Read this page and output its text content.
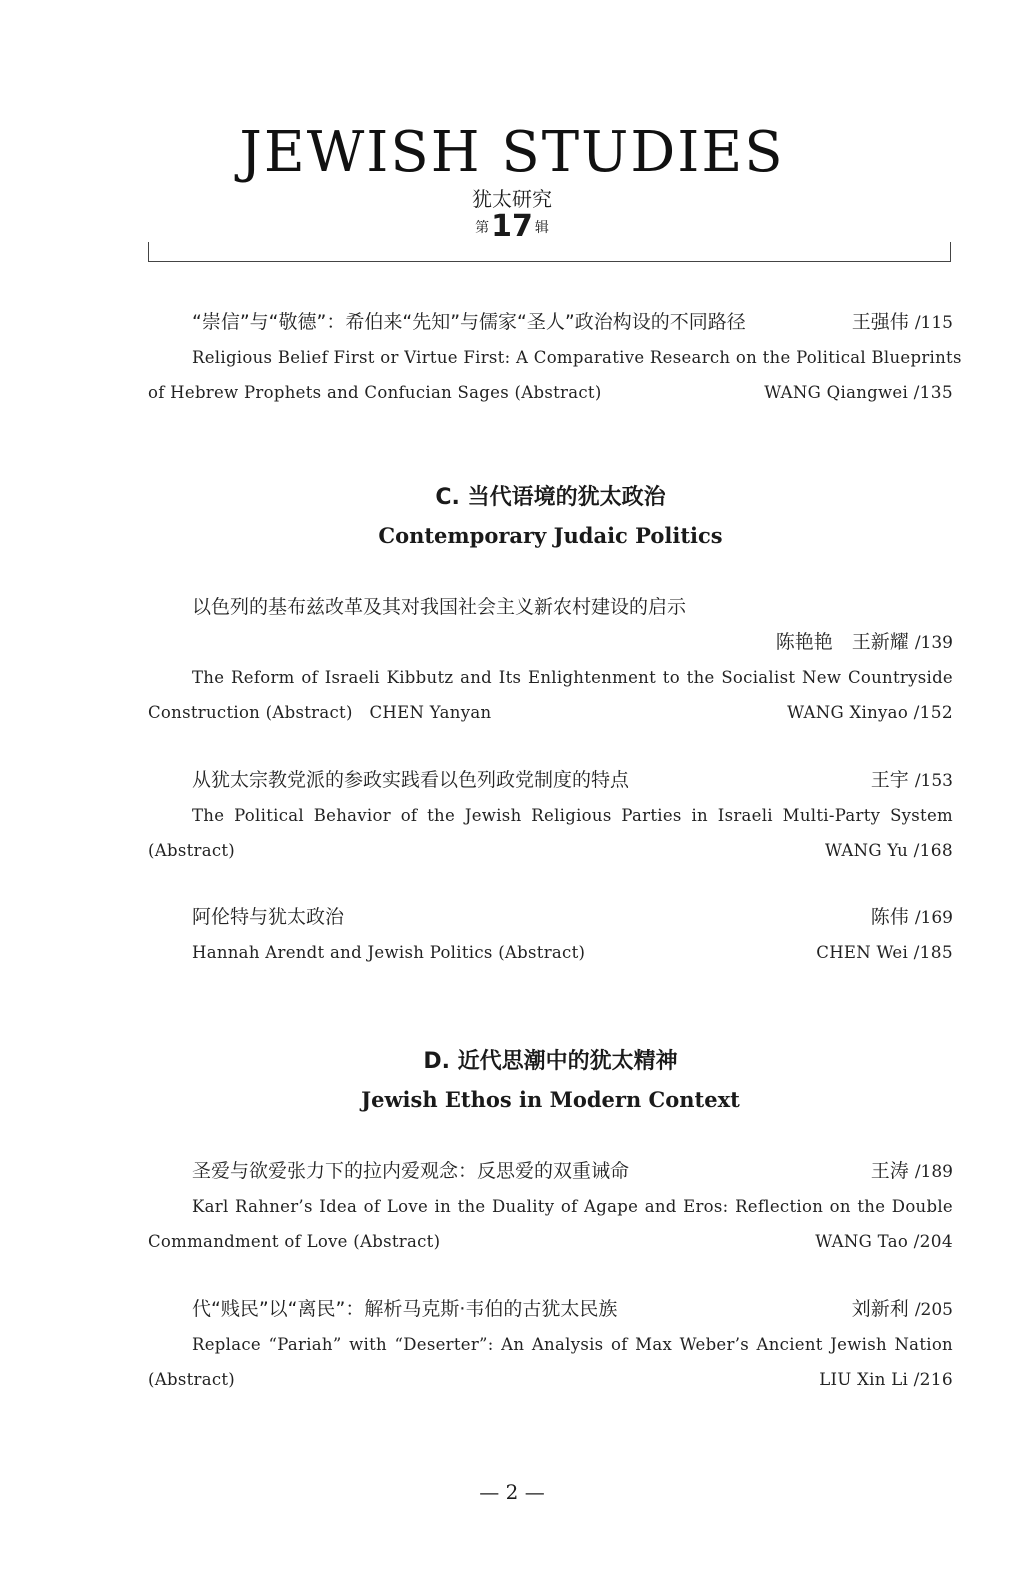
JEWISH STUDIES
犹太研究
第17 辑
“崇信”与“敬德”：希伯来“先知”与儒家“圣人”政治构设的不同路径	王强伟 /115
Religious Belief First or Virtue First: A Comparative Research on the Political Blueprints
of Hebrew Prophets and Confucian Sages (Abstract)	WANG Qiangwei /135
C. 当代语境的犹太政治
Contemporary Judaic Politics
以色列的基布兹改革及其对我国社会主义新农村建设的启示
陈艳艳　王新耀 /139
The Reform of Israeli Kibbutz and Its Enlightenment to the Socialist New Countryside
Construction (Abstract)　CHEN Yanyan	WANG Xinyao /152
从犹太宗教党派的参政实践看以色列政党制度的特点	王宇 /153
The Political Behavior of the Jewish Religious Parties in Israeli Multi-Party System
(Abstract)	WANG Yu /168
阿伦特与犹太政治	陈伟 /169
Hannah Arendt and Jewish Politics (Abstract)	CHEN Wei /185
D. 近代思潮中的犹太精神
Jewish Ethos in Modern Context
圣爱与欲爱张力下的拉内爱观念：反思爱的双重诫命	王涛 /189
Karl Rahner’s Idea of Love in the Duality of Agape and Eros: Reflection on the Double
Commandment of Love (Abstract)	WANG Tao /204
代“贱民”以“离民”：解析马克斯·韦伯的古犹太民族	刘新利 /205
Replace “Pariah” with “Deserter”: An Analysis of Max Weber’s Ancient Jewish Nation
(Abstract)	LIU Xin Li /216
— 2 —
